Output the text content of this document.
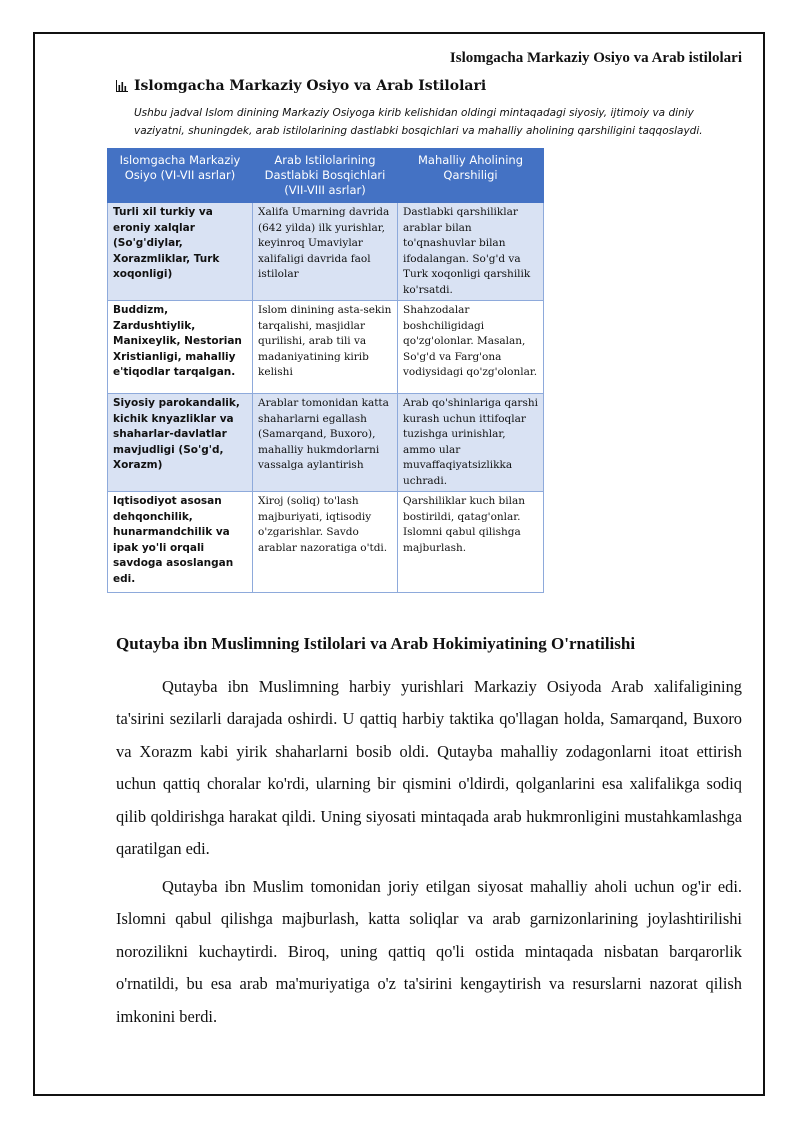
Islomgacha Markaziy Osiyo va Arab istilolari
Islomgacha Markaziy Osiyo va Arab Istilolari
Ushbu jadval Islom dinining Markaziy Osiyoga kirib kelishidan oldingi mintaqadagi siyosiy, ijtimoiy va diniy vaziyatni, shuningdek, arab istilolarining dastlabki bosqichlari va mahalliy aholining qarshiligini taqqoslaydi.
Islomgacha Markaziy Osiyo (VI-VII asrlar)	Arab Istilolarining Dastlabki Bosqichlari (VII-VIII asrlar)	Mahalliy Aholining Qarshiligi
Turli xil turkiy va eroniy xalqlar (So'g'diylar, Xorazmliklar, Turk xoqonligi)	Xalifa Umarning davrida (642 yilda) ilk yurishlar, keyinroq Umaviylar xalifaligi davrida faol istilolar	Dastlabki qarshiliklar arablar bilan to'qnashuvlar bilan ifodalangan. So'g'd va Turk xoqonligi qarshilik ko'rsatdi.
Buddizm, Zardushtiylik, Manixeylik, Nestorian Xristianligi, mahalliy e'tiqodlar tarqalgan.	Islom dinining asta-sekin tarqalishi, masjidlar qurilishi, arab tili va madaniyatining kirib kelishi	Shahzodalar boshchiligidagi qo'zg'olonlar. Masalan, So'g'd va Farg'ona vodiysidagi qo'zg'olonlar.
Siyosiy parokandalik, kichik knyazliklar va shaharlar-davlatlar mavjudligi (So'g'd, Xorazm)	Arablar tomonidan katta shaharlarni egallash (Samarqand, Buxoro), mahalliy hukmdorlarni vassalga aylantirish	Arab qo'shinlariga qarshi kurash uchun ittifoqlar tuzishga urinishlar, ammo ular muvaffaqiyatsizlikka uchradi.
Iqtisodiyot asosan dehqonchilik, hunarmandchilik va ipak yo'li orqali savdoga asoslangan edi.	Xiroj (soliq) to'lash majburiyati, iqtisodiy o'zgarishlar. Savdo arablar nazoratiga o'tdi.	Qarshiliklar kuch bilan bostirildi, qatag'onlar. Islomni qabul qilishga majburlash.
Qutayba ibn Muslimning Istilolari va Arab Hokimiyatining O'rnatilishi

Qutayba ibn Muslimning harbiy yurishlari Markaziy Osiyoda Arab xalifaligining ta'sirini sezilarli darajada oshirdi. U qattiq harbiy taktika qo'llagan holda, Samarqand, Buxoro va Xorazm kabi yirik shaharlarni bosib oldi. Qutayba mahalliy zodagonlarni itoat ettirish uchun qattiq choralar ko'rdi, ularning bir qismini o'ldirdi, qolganlarini esa xalifalikga sodiq qilib qoldirishga harakat qildi. Uning siyosati mintaqada arab hukmronligini mustahkamlashga qaratilgan edi.

Qutayba ibn Muslim tomonidan joriy etilgan siyosat mahalliy aholi uchun og'ir edi. Islomni qabul qilishga majburlash, katta soliqlar va arab garnizonlarining joylashtirilishi norozilikni kuchaytirdi. Biroq, uning qattiq qo'li ostida mintaqada nisbatan barqarorlik o'rnatildi, bu esa arab ma'muriyatiga o'z ta'sirini kengaytirish va resurslarni nazorat qilish imkonini berdi.
